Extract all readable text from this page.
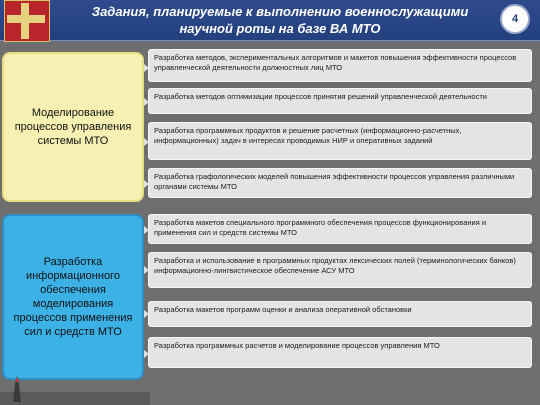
Задания, планируемые к выполнению военнослужащими
научной роты на базе ВА МТО
4
Моделирование процессов управления системы МТО
Разработка информационного обеспечения моделирования процессов применения сил и средств МТО
Разработка методов, экспериментальных алгоритмов и макетов повышения эффективности процессов управленческой деятельности должностных лиц МТО
Разработка методов оптимизации процессов принятия решений управленческой деятельности
Разработка программных продуктов и решение расчетных (информационно-расчетных, информационных) задач в интересах проводимых НИР и оперативных заданий
Разработка графологических моделей повышения эффективности процессов управления различными органами системы МТО
Разработка макетов специального программного обеспечения процессов функционирования и применения сил и средств системы МТО
Разработка и использование в программных продуктах лексических полей (терминологических банков) информационно-лингвистическое обеспечение АСУ МТО
Разработка макетов программ оценки и анализа оперативной обстановки
Разработка программных расчетов и моделирование процессов управления МТО
